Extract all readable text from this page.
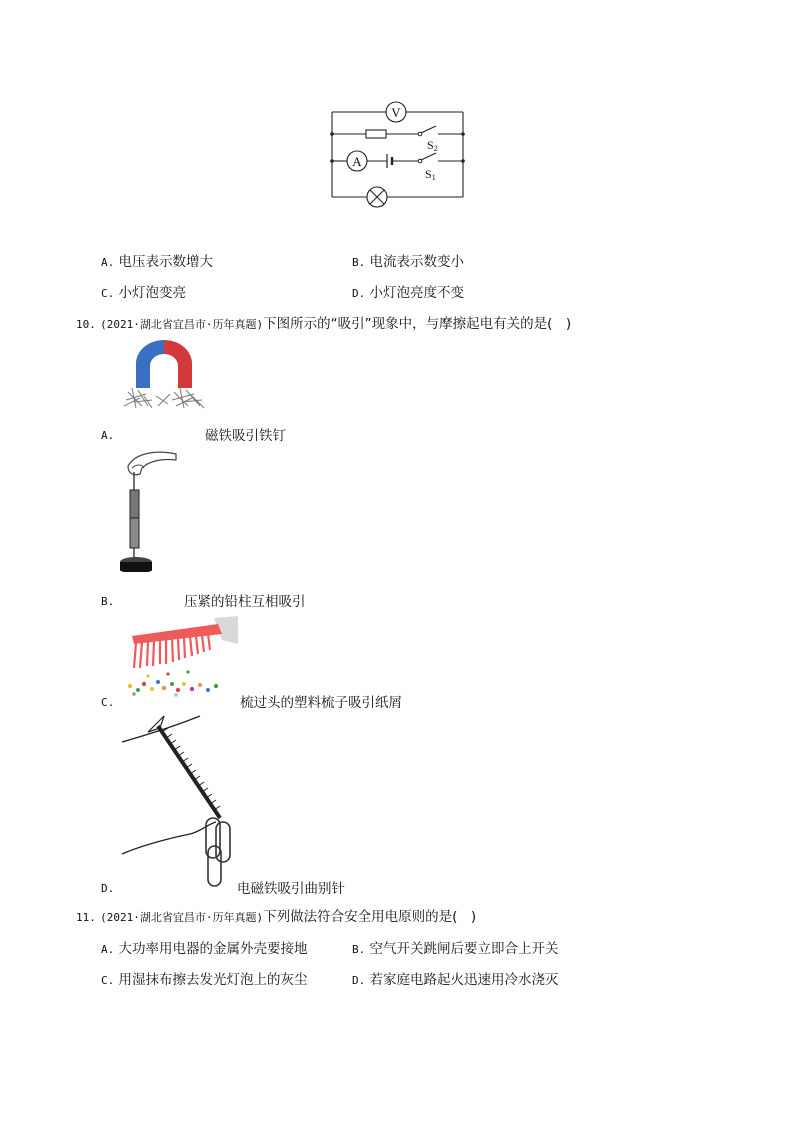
V
A
S2
S1
A. 电压表示数增大	B. 电流表示数变小
C. 小灯泡变亮	D. 小灯泡亮度不变
10. (2021·湖北省宜昌市·历年真题)下图所示的“吸引”现象中，与摩擦起电有关的是(　)
A.	磁铁吸引铁钉
B.	压紧的铅柱互相吸引
C.	梳过头的塑料梳子吸引纸屑
D.	电磁铁吸引曲别针
11. (2021·湖北省宜昌市·历年真题)下列做法符合安全用电原则的是(　)
A. 大功率用电器的金属外壳要接地	B. 空气开关跳闸后要立即合上开关
C. 用湿抹布擦去发光灯泡上的灰尘	D. 若家庭电路起火迅速用冷水浇灭
